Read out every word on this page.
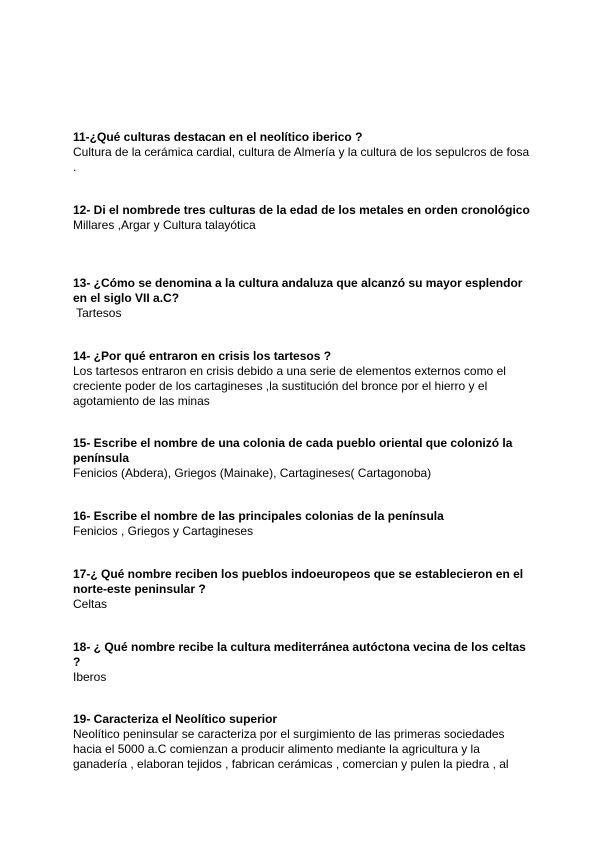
11-¿Qué culturas destacan en el neolítico iberico ?

Cultura de la cerámica cardial, cultura de Almería y la cultura de los sepulcros de fosa .

12- Di el nombrede tres culturas de la edad de los metales en orden cronológico

Millares ,Argar y Cultura talayótica

13- ¿Cómo se denomina a la cultura andaluza que alcanzó su mayor esplendor en el siglo VII a.C?

Tartesos

14- ¿Por qué entraron en crisis los tartesos ?

Los tartesos entraron en crisis debido a una serie de elementos externos como el creciente poder de los cartagineses ,la sustitución del bronce por el hierro y el agotamiento de las minas

15- Escribe el nombre de una colonia de cada pueblo oriental que colonizó la península

Fenicios (Abdera), Griegos (Mainake), Cartagineses( Cartagonoba)

16- Escribe el nombre de las principales colonias de la península

Fenicios , Griegos y Cartagineses

17-¿ Qué nombre reciben los pueblos indoeuropeos que se establecieron en el norte-este peninsular ?

Celtas

18- ¿ Qué nombre recibe la cultura mediterránea autóctona vecina de los celtas ?

Iberos

19- Caracteriza el Neolítico superior

Neolítico peninsular se caracteriza por el surgimiento de las primeras sociedades hacia el 5000 a.C comienzan a producir alimento mediante la agricultura y la ganadería , elaboran tejidos , fabrican cerámicas , comercian y pulen la piedra , al
